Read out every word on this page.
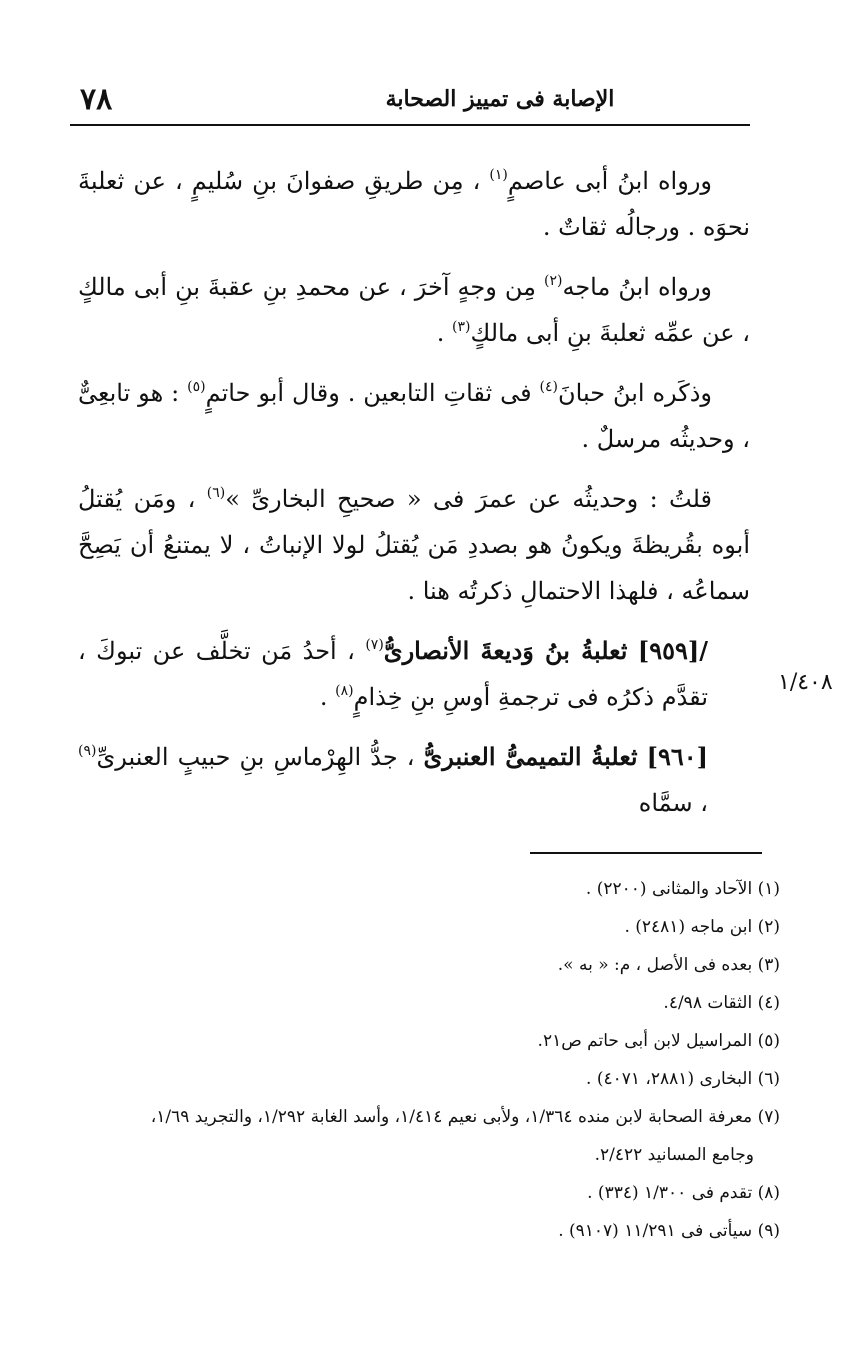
٧٨	الإصابة فى تمييز الصحابة

ورواه ابنُ أبى عاصمٍ$^{(١)}$ ، مِن طريقِ صفوانَ بنِ سُليمٍ ، عن ثعلبةَ نحوَه . ورجالُه ثقاتٌ .

ورواه ابنُ ماجه$^{(٢)}$ مِن وجهٍ آخرَ ، عن محمدِ بنِ عقبةَ بنِ أبى مالكٍ ، عن عمِّه ثعلبةَ بنِ أبى مالكٍ$^{(٣)}$ .

وذكَره ابنُ حبانَ$^{(٤)}$ فى ثقاتِ التابعين . وقال أبو حاتمٍ$^{(٥)}$ : هو تابعِىٌّ ، وحديثُه مرسلٌ .

قلتُ : وحديثُه عن عمرَ فى « صحيحِ البخارىِّ »$^{(٦)}$ ، ومَن يُقتلُ أبوه بقُريظةَ ويكونُ هو بصددِ مَن يُقتلُ لولا الإنباتُ ، لا يمتنعُ أن يَصِحَّ سماعُه ، فلهذا الاحتمالِ ذكرتُه هنا .

/[٩٥٩] ثعلبةُ بنُ وَديعةَ الأنصارىُّ$^{(٧)}$ ، أحدُ مَن تخلَّف عن تبوكَ ، تقدَّم ذكرُه فى ترجمةِ أوسِ بنِ خِذامٍ$^{(٨)}$ .

[٩٦٠] ثعلبةُ التميمىُّ العنبرىُّ ، جدُّ الهِرْماسِ بنِ حبيبٍ العنبرىِّ$^{(٩)}$ ، سمَّاه

١/٤٠٨

(١) الآحاد والمثانى (٢٢٠٠) .

(٢) ابن ماجه (٢٤٨١) .

(٣) بعده فى الأصل ، م: « به ».

(٤) الثقات ٤/٩٨.

(٥) المراسيل لابن أبى حاتم ص٢١.

(٦) البخارى (٢٨٨١، ٤٠٧١) .

(٧) معرفة الصحابة لابن منده ١/٣٦٤، ولأبى نعيم ١/٤١٤، وأسد الغابة ١/٢٩٢، والتجريد ١/٦٩،

وجامع المسانيد ٢/٤٢٢.

(٨) تقدم فى ١/٣٠٠ (٣٣٤) .

(٩) سيأتى فى ١١/٢٩١ (٩١٠٧) .
